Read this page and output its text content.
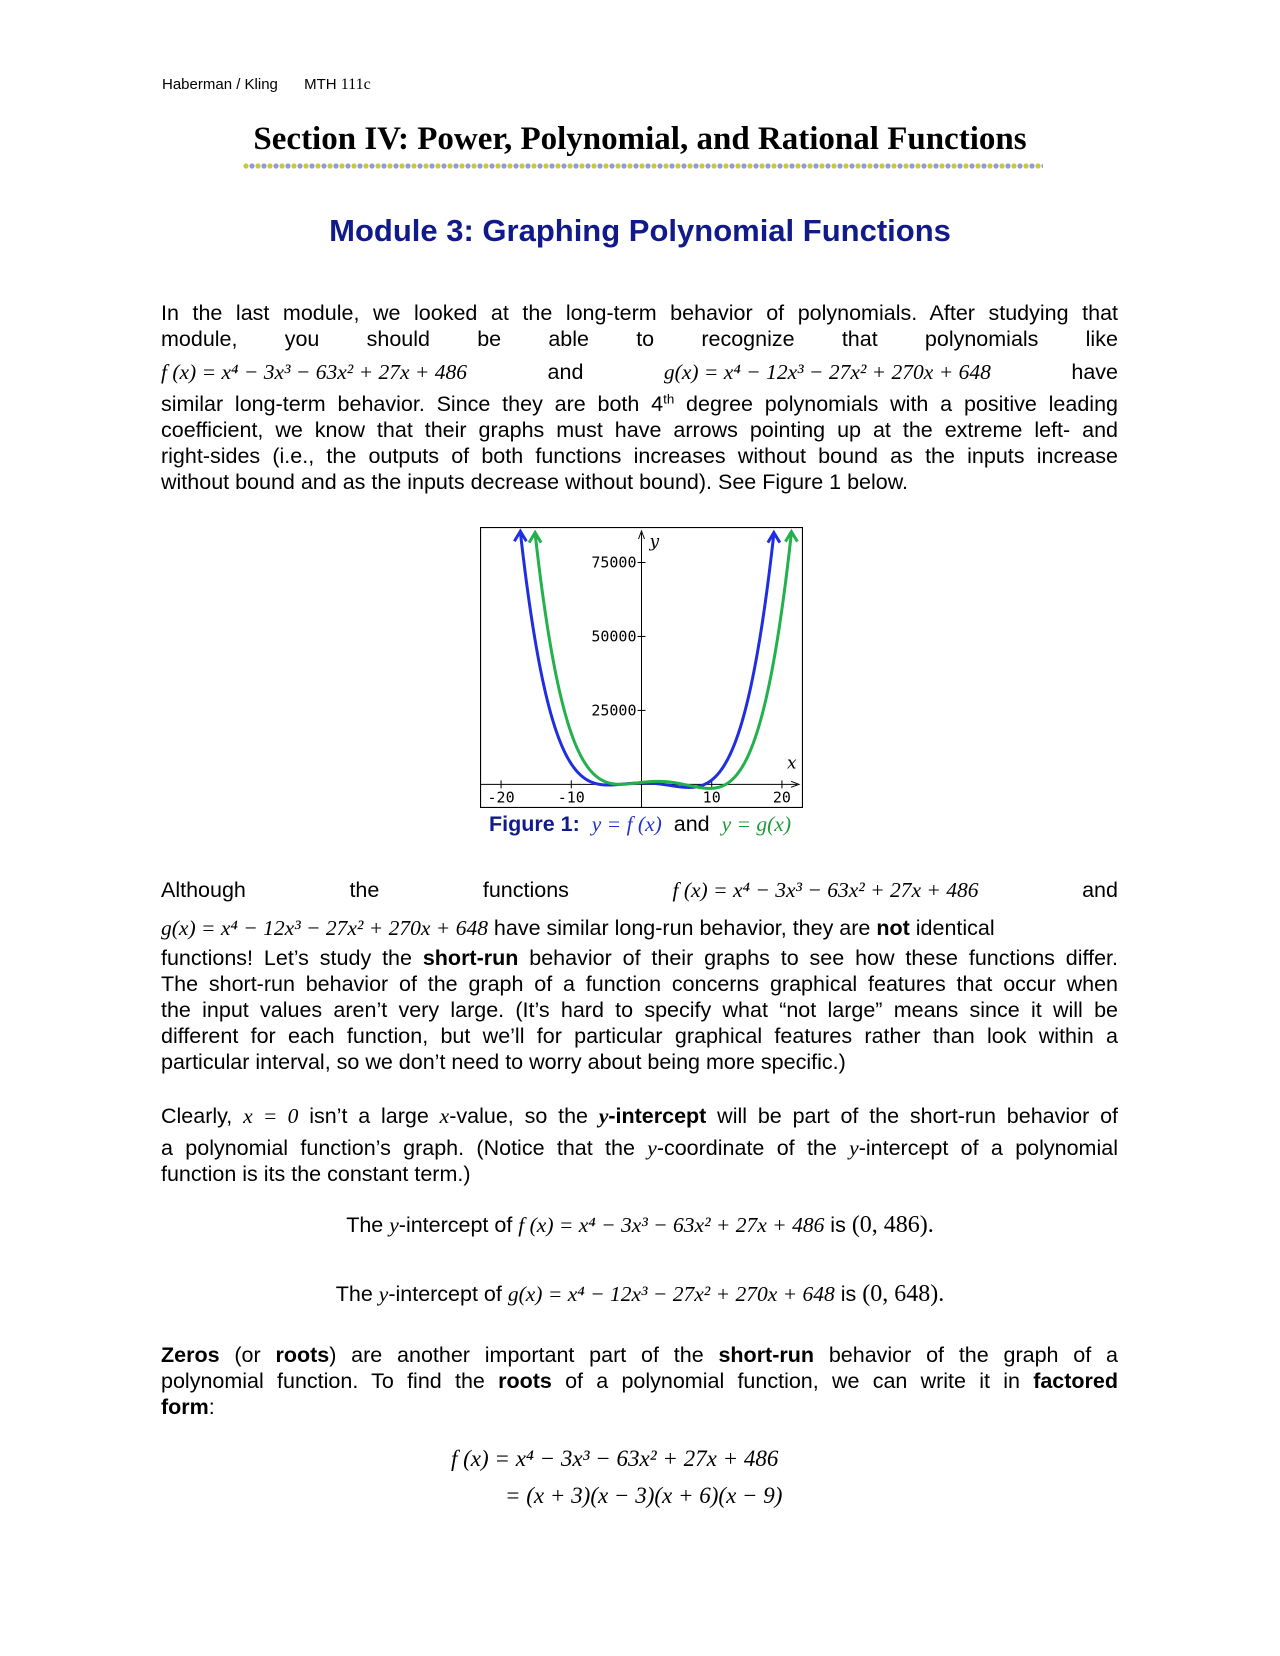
Haberman / Kling MTH 111c
Section IV: Power, Polynomial, and Rational Functions
Module 3: Graphing Polynomial Functions
In the last module, we looked at the long-term behavior of polynomials. After studying that
module, you should be able to recognize that polynomials like
f (x) = x⁴ − 3x³ − 63x² + 27x + 486	and	g(x) = x⁴ − 12x³ − 27x² + 270x + 648	have
similar long-term behavior. Since they are both 4th degree polynomials with a positive leading
coefficient, we know that their graphs must have arrows pointing up at the extreme left- and
right-sides (i.e., the outputs of both functions increases without bound as the inputs increase
without bound and as the inputs decrease without bound). See Figure 1 below.
-20	-10	10	20
25000
50000
75000
y
x
Figure 1: y = f (x) and y = g(x)
Although	the	functions	f (x) = x⁴ − 3x³ − 63x² + 27x + 486	and
g(x) = x⁴ − 12x³ − 27x² + 270x + 648 have similar long-run behavior, they are not identical
functions! Let’s study the short-run behavior of their graphs to see how these functions differ.
The short-run behavior of the graph of a function concerns graphical features that occur when
the input values aren’t very large. (It’s hard to specify what “not large” means since it will be
different for each function, but we’ll for particular graphical features rather than look within a
particular interval, so we don’t need to worry about being more specific.)
Clearly, x = 0 isn’t a large x-value, so the y-intercept will be part of the short-run behavior of
a polynomial function’s graph. (Notice that the y-coordinate of the y-intercept of a polynomial
function is its the constant term.)
The y-intercept of f (x) = x⁴ − 3x³ − 63x² + 27x + 486 is (0, 486).
The y-intercept of g(x) = x⁴ − 12x³ − 27x² + 270x + 648 is (0, 648).
Zeros (or roots) are another important part of the short-run behavior of the graph of a
polynomial function. To find the roots of a polynomial function, we can write it in factored
form:
f (x) = x⁴ − 3x³ − 63x² + 27x + 486
= (x + 3)(x − 3)(x + 6)(x − 9)
